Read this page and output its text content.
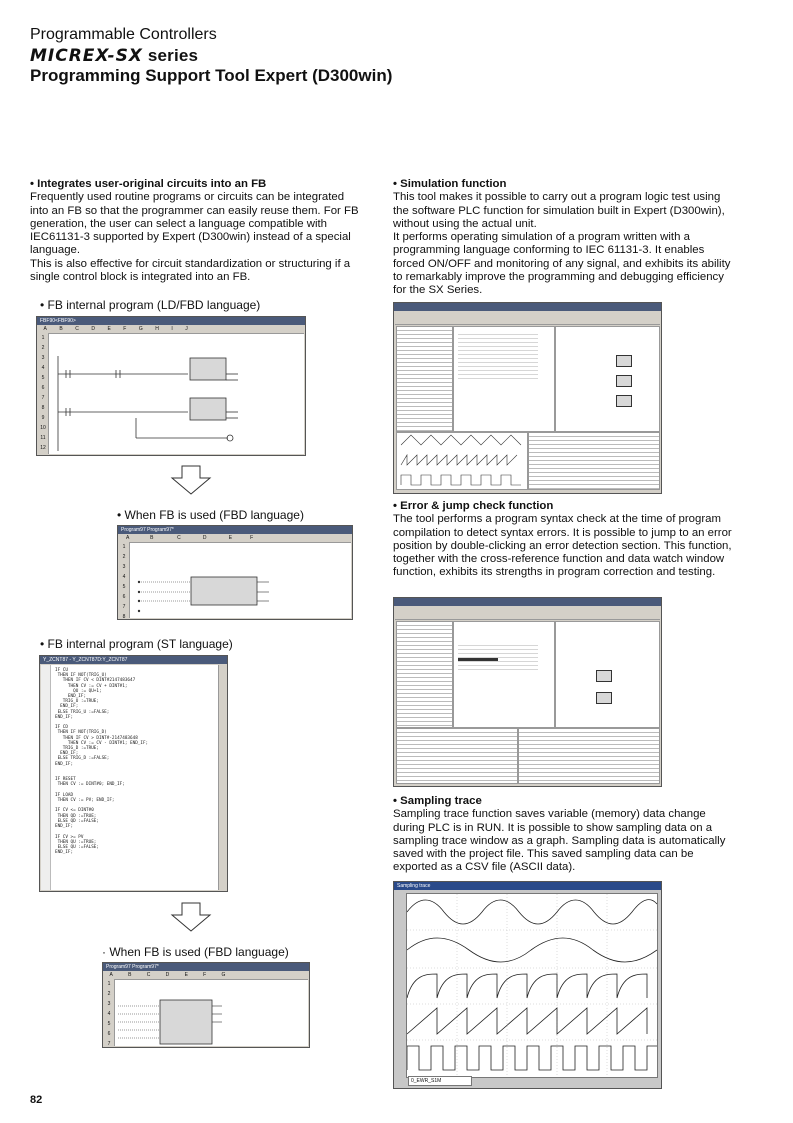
Programmable Controllers
MICREX-SX series
Programming Support Tool Expert (D300win)

• Integrates user-original circuits into an FB

Frequently used routine programs or circuits can be integrated into an FB so that the programmer can easily reuse them. For FB generation, the user can select a language compatible with IEC61131-3 supported by Expert (D300win) instead of a special language.

This is also effective for circuit standardization or structuring if a single control block is integrated into an FB.

• FB internal program (LD/FBD language)
FBF90<FBF90>
A         B         C         D         E         F         G         H         I         J
1
2
3
4
5
6
7
8
9
10
11
12
• When FB is used (FBD language)
Program97 Program97*
A               B                 C                D                E             F
1
2
3
4
5
6
7
8
• FB internal program (ST language)
Y_ZCNT87 - Y_ZCNT87D:Y_ZCNT87
IF CU
THEN IF NOT(TRIG_U)
THEN IF CV < DINT#2147483647
THEN CV := CV + DINT#1;
QU := QU+1;
END_IF;
TRIG_U :=TRUE;
END_IF;
ELSE TRIG_U :=FALSE;
END_IF;

IF CD
THEN IF NOT(TRIG_D)
THEN IF CV > DINT#-2147483648
THEN CV := CV - DINT#1; END_IF;
TRIG_D :=TRUE;
END_IF;
ELSE TRIG_D :=FALSE;
END_IF;

IF RESET
THEN CV := DINT#0; END_IF;

IF LOAD
THEN CV := PV; END_IF;

IF CV <= DINT#0
THEN QD :=TRUE;
ELSE QD :=FALSE;
END_IF;

IF CV >= PV
THEN QU :=TRUE;
ELSE QU :=FALSE;
END_IF;
· When FB is used (FBD language)
Program97 Program97*
A           B           C           D           E           F           G
1
2
3
4
5
6
7

• Simulation function

This tool makes it possible to carry out a program logic test using the software PLC function for simulation built in Expert (D300win), without using the actual unit.

It performs operating simulation of a program written with a programming language conforming to IEC 61131-3. It enables forced ON/OFF and monitoring of any signal, and exhibits its ability to remarkably improve the programming and debugging efficiency for the SX Series.

• Error & jump check function

The tool performs a program syntax check at the time of program compilation to detect syntax errors. It is possible to jump to an error position by double-clicking an error detection section. This function, together with the cross-reference function and data watch window function, exhibits its strengths in program correction and testing.

• Sampling trace

Sampling trace function saves variable (memory) data change during PLC is in RUN. It is possible to show sampling data on a sampling trace window as a graph. Sampling data is automatically saved with the project file. This saved sampling data can be exported as a CSV file (ASCII data).

Sampling trace
0_EWR_S1M
82
